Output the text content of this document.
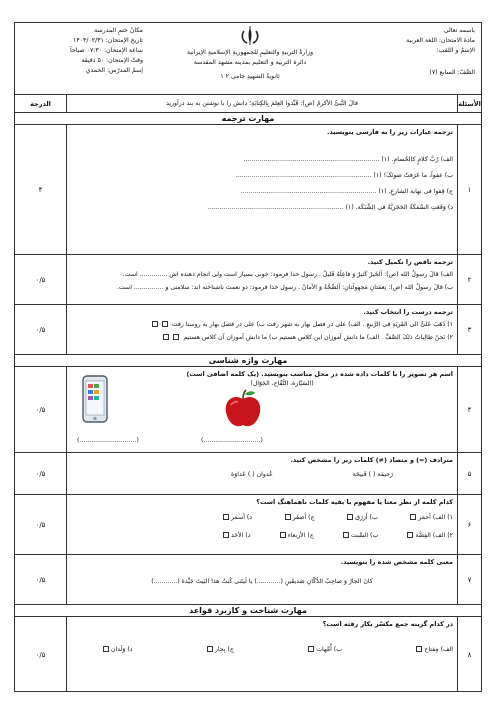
باسمه تعالی
مادة الامتحان: اللغة العربیة
الإسمُ و اللقب:
الصَّفّ: السابع (۷)
وزارةُ التربیةِ والتعلیمِ للجمهوریةِ الإسلامیةِ الإیرانیة
دائرة التربیة و التعلیم بمدینة مشهد المقدسة
ثانویةُ الشهیدِ جامی ۲ ۱
مکانُ ختمِ المدرسة
تاریخ الإمتحان: ۱۴۰۴/۰۲/۳۱
ساعة الإمتحان: ۰۷:۳۰ صباحاً
وقتُ الإمتحان: ۵۰ دقیقة
إسمُ المدرّس: الحمدي
الأسئلة
قالَ النَّبیُّ الأکرمُ (ص): قَیِّدوا العِلمَ بِالکِتابَةِ؛ دانش را با نوشتن به بند درآورید
الدرجة
مهارت ترجمه
۱
ترجمه عبارات زیر را به فارسی بنویسید.
الف) رُبَّ کلامٍ کالحُسامِ. (۱) .....................................................................
ب) عفواً، ما عَرَفتُ صوتَکَ! (۱) .....................................................................
ج) قِفوا فی نهایة الشارعِ. (۱) .....................................................................
د) وَقَعَتِ السَّمَکَةُ الحَجَریَّةُ فی الشَّبَکَة. (۱) .....................................................................
۴
۲
ترجمه ناقص را تکمیل کنید.
الف) قالَ رسولُ الله (ص): اَلخَیرُ کَثیرٌ وَ فاعِلُهُ قَلیلٌ . رسول خدا فرمود: خوبی بسیار است ولی انجام دهنده اش .............. است.
ب) قالَ رسولُ الله (ص): نِعمَتانِ مَجهولَتانِ: اَلصِّحَّةُ وَ الأمانُ . رسول خدا فرمود: دو نعمت ناشناخته اند: سلامتی و ............... است.
۰/۵
۳
ترجمه درست را انتخاب کنید.
۱) ذَهَبَ عَلیٌّ الی القَریَةِ فی الرَّبیعِ . الف) علی در فصل بهار به شهر رفت ب) علی در فصل بهار به روستا رفت
۲) نَحنُ طالِباتُ ذلکَ الصَّفِّ . الف) ما دانش آموزان این کلاس هستیم ب) ما دانش آموزان آن کلاس هستیم
۰/۵
مهارت واژه شناسی
۴
اسم هر تصویر را با کلمات داده شده در محل مناسب بنویسید. (یک کلمه اضافی است)
(السَیّارة، التُّفّاح، الجَوّال)
(.............................)	(.............................)
۰/۵
۵
مترادف (=) و متضاد (≠) کلمات زیر را مشخص کنید.
رَحیمَة ( ) قَبیحَة
عُدوان ( ) عَداوَة
۰/۵
۶
کدام کلمه از نظر معنا یا مفهوم با بقیه کلمات ناهماهنگ است؟
۱) الف) أحمَر
ب) أزرَق
ج) أصفَر
د) أسمَر
۲) الف) الفِضَّة
ب) السَّبت
ج) الأربعاء
د) الأحَد
۰/۵
۷
معنی کلمه مشخص شده را بنویسید.
کانَ الجارُ وَ صاحِبُ الدُّکّانِ صَدیقَینِ (............) یا لَیتَنی کُنتُ هذا البَیتَ جَیِّدة (............)
۰/۵
مهارت شناخت و کاربرد قواعد
۸
در کدام گزینه جمع مکسّر بکار رفته است؟
الف) مِفتاح
ب) أُمَّهات
ج) بِحار
د) وَلَدان
۰/۵
